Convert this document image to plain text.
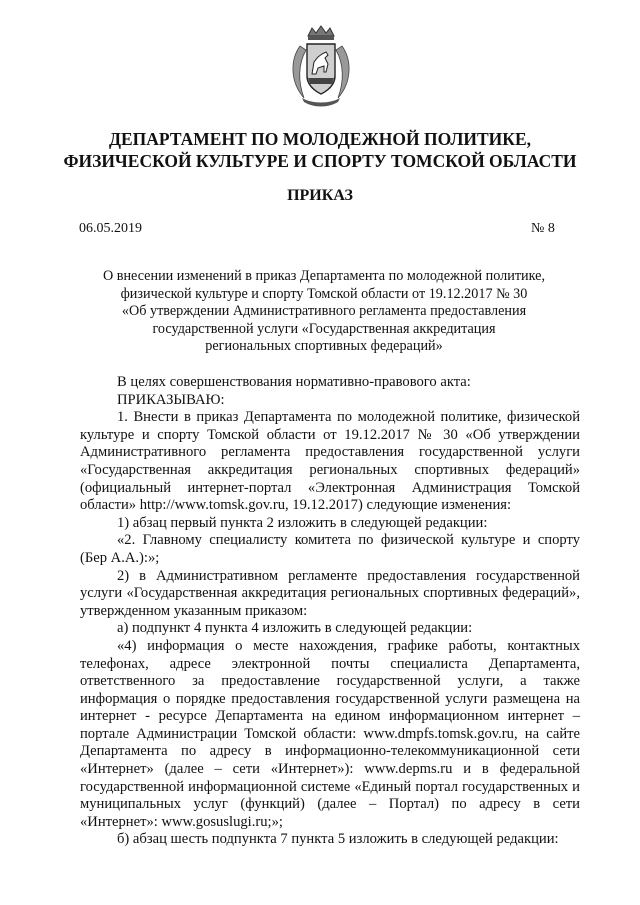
ДЕПАРТАМЕНТ ПО МОЛОДЕЖНОЙ ПОЛИТИКЕ,
ФИЗИЧЕСКОЙ КУЛЬТУРЕ И СПОРТУ ТОМСКОЙ ОБЛАСТИ
ПРИКАЗ
06.05.2019	№ 8
О внесении изменений в приказ Департамента по молодежной политике,
физической культуре и спорту Томской области от 19.12.2017 № 30
«Об утверждении Административного регламента предоставления
государственной услуги «Государственная аккредитация
региональных спортивных федераций»

В целях совершенствования нормативно-правового акта:

ПРИКАЗЫВАЮ:

1. Внести в приказ Департамента по молодежной политике, физической культуре и спорту Томской области от 19.12.2017 № 30 «Об утверждении Административного регламента предоставления государственной услуги «Государственная аккредитация региональных спортивных федераций» (официальный интернет-портал «Электронная Администрация Томской области» http://www.tomsk.gov.ru, 19.12.2017) следующие изменения:

1) абзац первый пункта 2 изложить в следующей редакции:

«2. Главному специалисту комитета по физической культуре и спорту (Бер А.А.):»;

2) в Административном регламенте предоставления государственной услуги «Государственная аккредитация региональных спортивных федераций», утвержденном указанным приказом:

а) подпункт 4 пункта 4 изложить в следующей редакции:

«4) информация о месте нахождения, графике работы, контактных телефонах, адресе электронной почты специалиста Департамента, ответственного за предоставление государственной услуги, а также информация о порядке предоставления государственной услуги размещена на интернет - ресурсе Департамента на едином информационном интернет – портале Администрации Томской области: www.dmpfs.tomsk.gov.ru, на сайте Департамента по адресу в информационно-телекоммуникационной сети «Интернет» (далее – сети «Интернет»): www.depms.ru и в федеральной государственной информационной системе «Единый портал государственных и муниципальных услуг (функций) (далее – Портал) по адресу в сети «Интернет»: www.gosuslugi.ru;»;

б) абзац шесть подпункта 7 пункта 5 изложить в следующей редакции:
